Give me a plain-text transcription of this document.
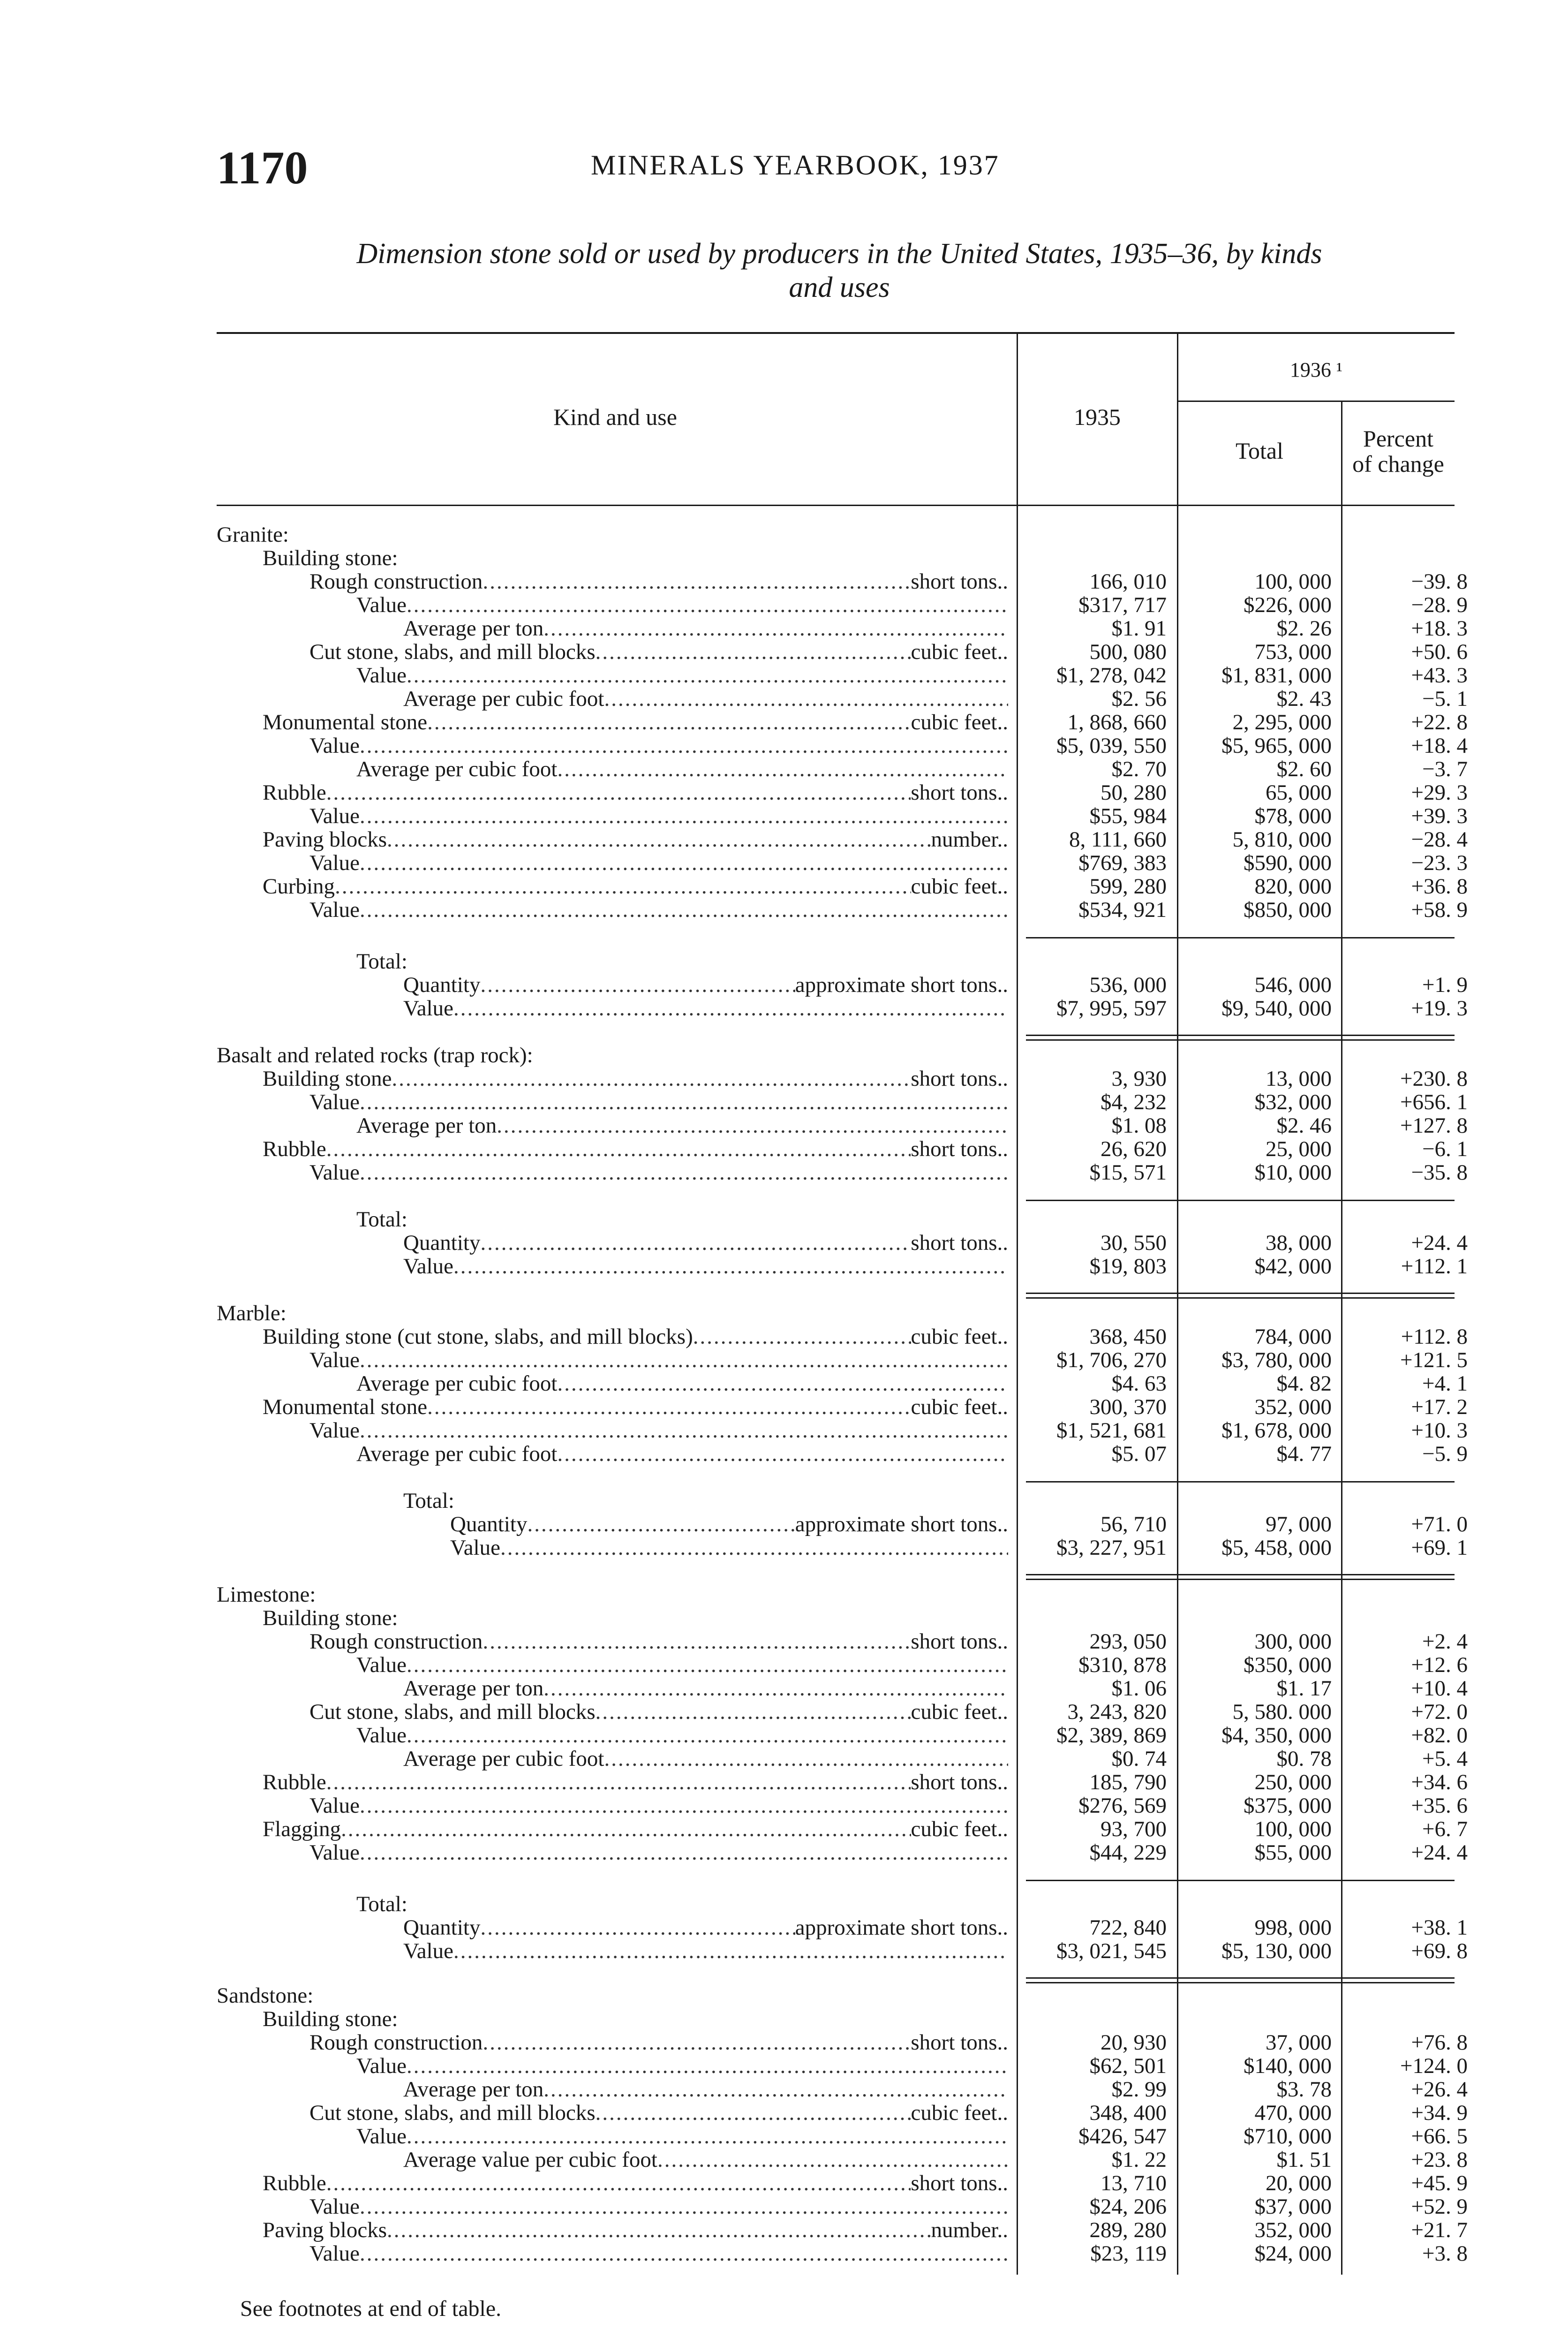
1170	MINERALS YEARBOOK, 1937
Dimension stone sold or used by producers in the United States, 1935–36, by kinds
and uses
Kind and use	1935
1936 ¹
Total	Percent
of change
Granite:
Building stone:
Rough construction .....	short tons..	166, 010	100, 000	−39. 8
Value .....	$317, 717	$226, 000	−28. 9
Average per ton .....	$1. 91	$2. 26	+18. 3
Cut stone, slabs, and mill blocks .....	cubic feet..	500, 080	753, 000	+50. 6
Value .....	$1, 278, 042	$1, 831, 000	+43. 3
Average per cubic foot .....	$2. 56	$2. 43	−5. 1
Monumental stone .....	cubic feet..	1, 868, 660	2, 295, 000	+22. 8
Value .....	$5, 039, 550	$5, 965, 000	+18. 4
Average per cubic foot .....	$2. 70	$2. 60	−3. 7
Rubble .....	short tons..	50, 280	65, 000	+29. 3
Value .....	$55, 984	$78, 000	+39. 3
Paving blocks .....	number..	8, 111, 660	5, 810, 000	−28. 4
Value .....	$769, 383	$590, 000	−23. 3
Curbing .....	cubic feet..	599, 280	820, 000	+36. 8
Value .....	$534, 921	$850, 000	+58. 9
Total:
Quantity .....	approximate short tons..	536, 000	546, 000	+1. 9
Value .....	$7, 995, 597	$9, 540, 000	+19. 3
Basalt and related rocks (trap rock):
Building stone .....	short tons..	3, 930	13, 000	+230. 8
Value .....	$4, 232	$32, 000	+656. 1
Average per ton .....	$1. 08	$2. 46	+127. 8
Rubble .....	short tons..	26, 620	25, 000	−6. 1
Value .....	$15, 571	$10, 000	−35. 8
Total:
Quantity .....	short tons..	30, 550	38, 000	+24. 4
Value .....	$19, 803	$42, 000	+112. 1
Marble:
Building stone (cut stone, slabs, and mill blocks) .....	cubic feet..	368, 450	784, 000	+112. 8
Value .....	$1, 706, 270	$3, 780, 000	+121. 5
Average per cubic foot .....	$4. 63	$4. 82	+4. 1
Monumental stone .....	cubic feet..	300, 370	352, 000	+17. 2
Value .....	$1, 521, 681	$1, 678, 000	+10. 3
Average per cubic foot .....	$5. 07	$4. 77	−5. 9
Total:
Quantity .....	approximate short tons..	56, 710	97, 000	+71. 0
Value .....	$3, 227, 951	$5, 458, 000	+69. 1
Limestone:
Building stone:
Rough construction .....	short tons..	293, 050	300, 000	+2. 4
Value .....	$310, 878	$350, 000	+12. 6
Average per ton .....	$1. 06	$1. 17	+10. 4
Cut stone, slabs, and mill blocks .....	cubic feet..	3, 243, 820	5, 580. 000	+72. 0
Value .....	$2, 389, 869	$4, 350, 000	+82. 0
Average per cubic foot .....	$0. 74	$0. 78	+5. 4
Rubble .....	short tons..	185, 790	250, 000	+34. 6
Value .....	$276, 569	$375, 000	+35. 6
Flagging .....	cubic feet..	93, 700	100, 000	+6. 7
Value .....	$44, 229	$55, 000	+24. 4
Total:
Quantity .....	approximate short tons..	722, 840	998, 000	+38. 1
Value .....	$3, 021, 545	$5, 130, 000	+69. 8
Sandstone:
Building stone:
Rough construction .....	short tons..	20, 930	37, 000	+76. 8
Value .....	$62, 501	$140, 000	+124. 0
Average per ton .....	$2. 99	$3. 78	+26. 4
Cut stone, slabs, and mill blocks .....	cubic feet..	348, 400	470, 000	+34. 9
Value .....	$426, 547	$710, 000	+66. 5
Average value per cubic foot .....	$1. 22	$1. 51	+23. 8
Rubble .....	short tons..	13, 710	20, 000	+45. 9
Value .....	$24, 206	$37, 000	+52. 9
Paving blocks .....	number..	289, 280	352, 000	+21. 7
Value .....	$23, 119	$24, 000	+3. 8
See footnotes at end of table.
